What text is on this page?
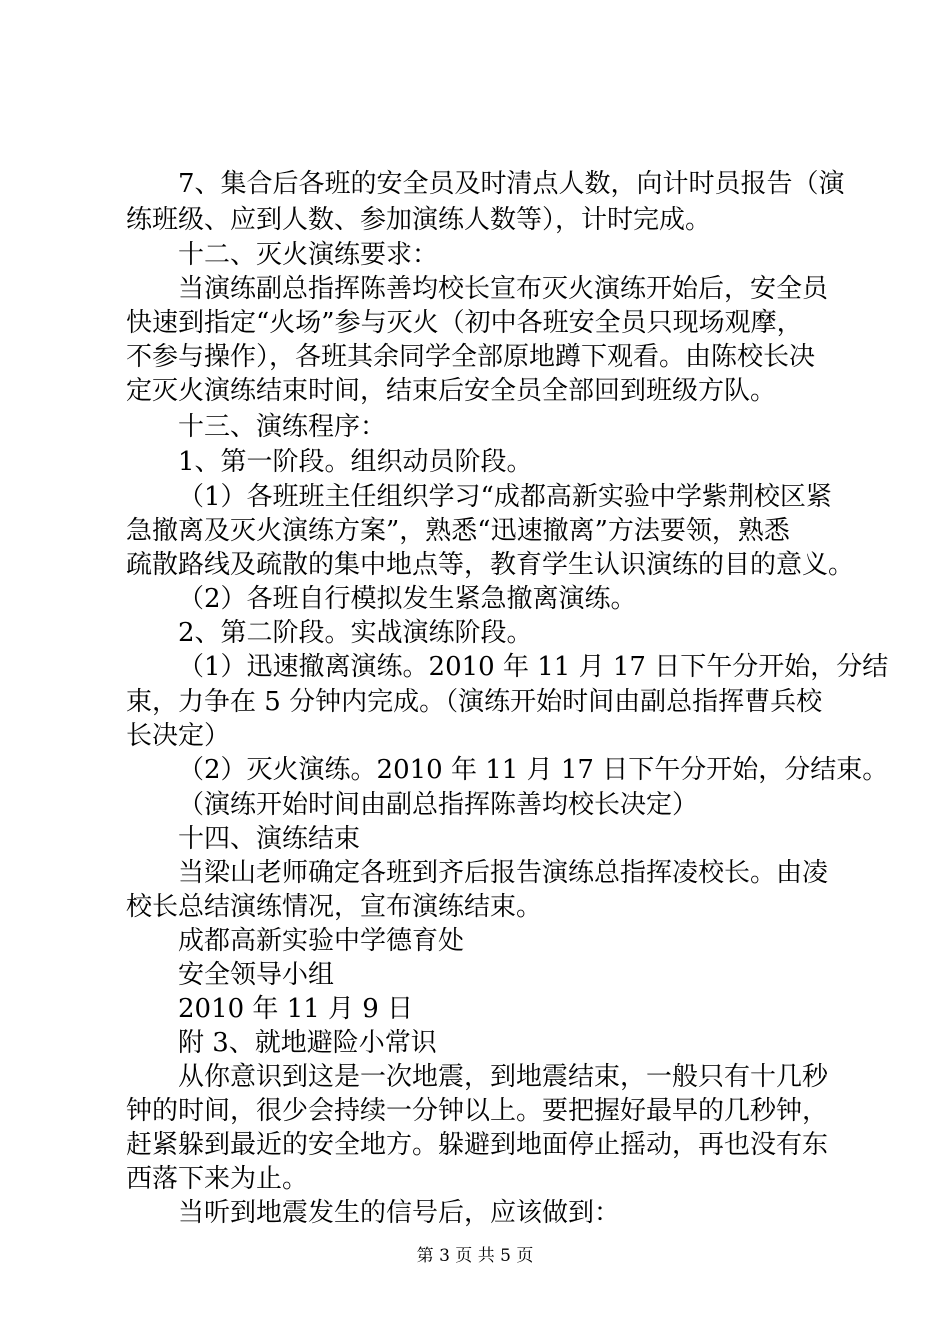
7、集合后各班的安全员及时清点人数，向计时员报告（演
练班级、应到人数、参加演练人数等），计时完成。
十二、灭火演练要求：
当演练副总指挥陈善均校长宣布灭火演练开始后，安全员
快速到指定“火场”参与灭火（初中各班安全员只现场观摩，
不参与操作），各班其余同学全部原地蹲下观看。由陈校长决
定灭火演练结束时间，结束后安全员全部回到班级方队。
十三、演练程序：
1、第一阶段。组织动员阶段。
（1）各班班主任组织学习“成都高新实验中学紫荆校区紧
急撤离及灭火演练方案”，熟悉“迅速撤离”方法要领，熟悉
疏散路线及疏散的集中地点等，教育学生认识演练的目的意义。
（2）各班自行模拟发生紧急撤离演练。
2、第二阶段。实战演练阶段。
（1）迅速撤离演练。2010 年 11 月 17 日下午分开始，分结
束，力争在 5 分钟内完成。（演练开始时间由副总指挥曹兵校
长决定）
（2）灭火演练。2010 年 11 月 17 日下午分开始，分结束。
（演练开始时间由副总指挥陈善均校长决定）
十四、演练结束
当梁山老师确定各班到齐后报告演练总指挥凌校长。由凌
校长总结演练情况，宣布演练结束。
成都高新实验中学德育处
安全领导小组
2010 年 11 月 9 日
附 3、就地避险小常识
从你意识到这是一次地震，到地震结束，一般只有十几秒
钟的时间，很少会持续一分钟以上。要把握好最早的几秒钟，
赶紧躲到最近的安全地方。躲避到地面停止摇动，再也没有东
西落下来为止。
当听到地震发生的信号后，应该做到：
第 3 页 共 5 页
